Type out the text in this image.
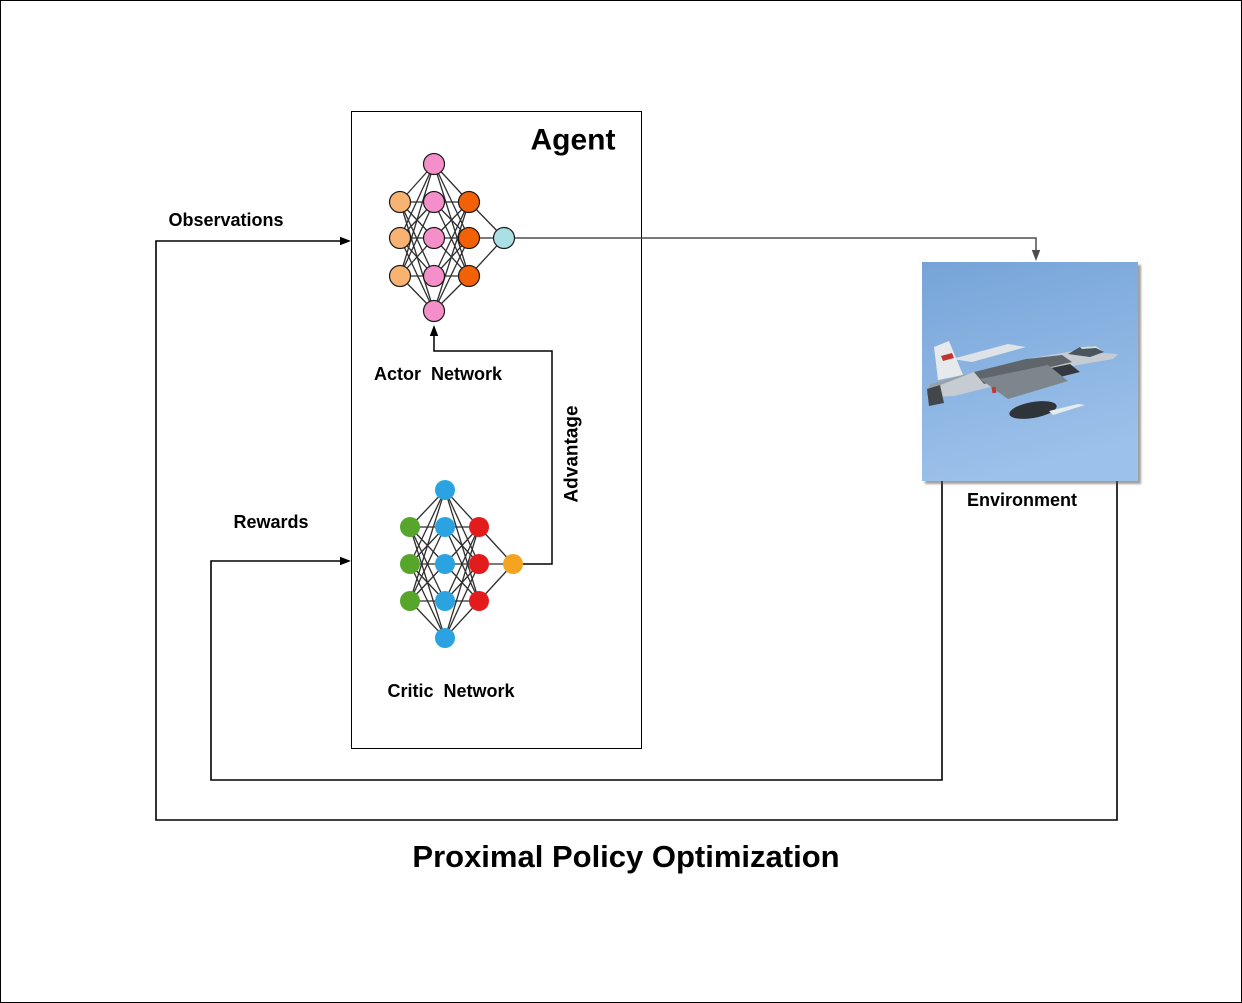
Agent
Actor  Network
Critic  Network
Advantage
Observations
Rewards
Environment
Proximal Policy Optimization
